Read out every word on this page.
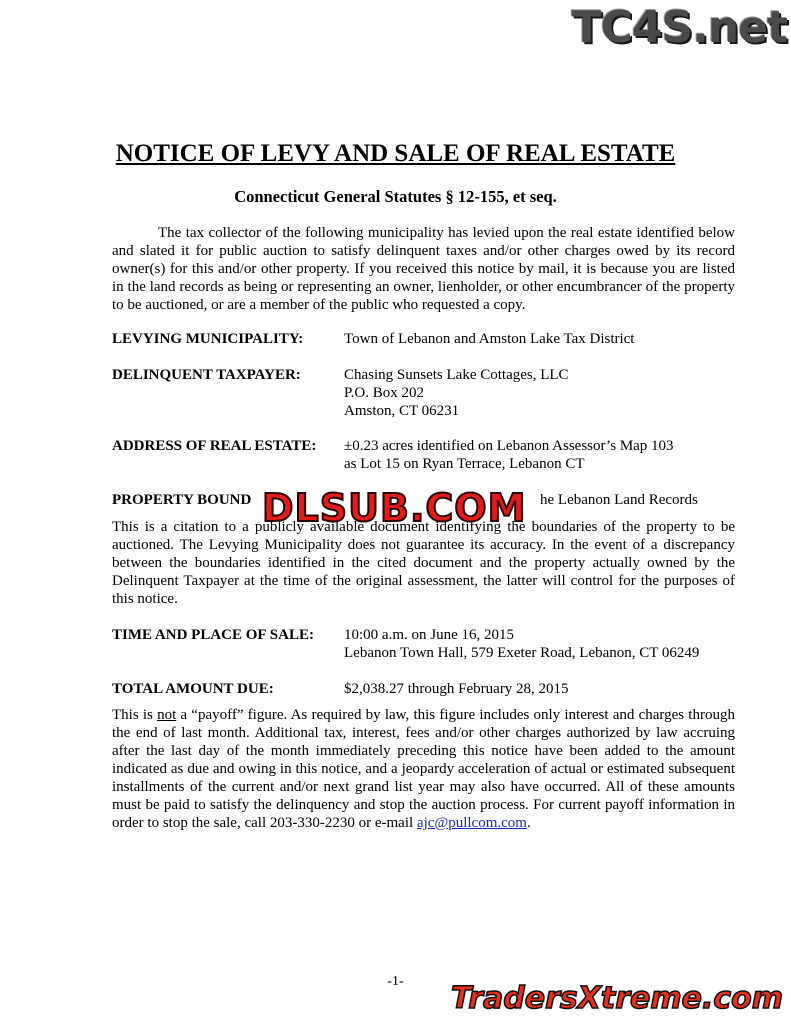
TC4S.net
NOTICE OF LEVY AND SALE OF REAL ESTATE
Connecticut General Statutes § 12-155, et seq.
The tax collector of the following municipality has levied upon the real estate identified below and slated it for public auction to satisfy delinquent taxes and/or other charges owed by its record owner(s) for this and/or other property. If you received this notice by mail, it is because you are listed in the land records as being or representing an owner, lienholder, or other encumbrancer of the property to be auctioned, or are a member of the public who requested a copy.
LEVYING MUNICIPALITY:	Town of Lebanon and Amston Lake Tax District
DELINQUENT TAXPAYER:	Chasing Sunsets Lake Cottages, LLC
P.O. Box 202
Amston, CT 06231
ADDRESS OF REAL ESTATE: ±0.23 acres identified on Lebanon Assessor’s Map 103
as Lot 15 on Ryan Terrace, Lebanon CT
PROPERTY BOUND	he Lebanon Land Records
This is a citation to a publicly available document identifying the boundaries of the property to be auctioned. The Levying Municipality does not guarantee its accuracy. In the event of a discrepancy between the boundaries identified in the cited document and the property actually owned by the Delinquent Taxpayer at the time of the original assessment, the latter will control for the purposes of this notice.
DLSUB.COM
TIME AND PLACE OF SALE: 10:00 a.m. on June 16, 2015
Lebanon Town Hall, 579 Exeter Road, Lebanon, CT 06249
TOTAL AMOUNT DUE:	$2,038.27 through February 28, 2015
This is not a “payoff” figure. As required by law, this figure includes only interest and charges through the end of last month. Additional tax, interest, fees and/or other charges authorized by law accruing after the last day of the month immediately preceding this notice have been added to the amount indicated as due and owing in this notice, and a jeopardy acceleration of actual or estimated subsequent installments of the current and/or next grand list year may also have occurred. All of these amounts must be paid to satisfy the delinquency and stop the auction process. For current payoff information in order to stop the sale, call 203-330-2230 or e-mail ajc@pullcom.com.
-1-	TradersXtreme.com
